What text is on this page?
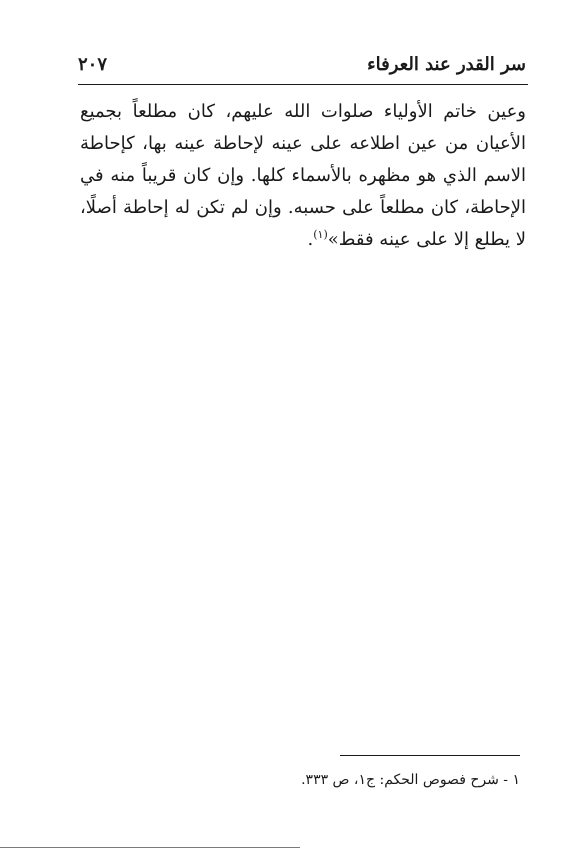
٢٠٧	سر القدر عند العرفاء

وعين خاتم الأولياء صلوات الله عليهم، كان مطلعاً بجميع الأعيان من عين اطلاعه على عينه لإحاطة عينه بها، كإحاطة الاسم الذي هو مظهره بالأسماء كلها. وإن كان قريباً منه في الإحاطة، كان مطلعاً على حسبه. وإن لم تكن له إحاطة أصلًا، لا يطلع إلا على عينه فقط»$^{(١)}$.

١ - شرح فصوص الحكم: ج١، ص ٣٣٣.
